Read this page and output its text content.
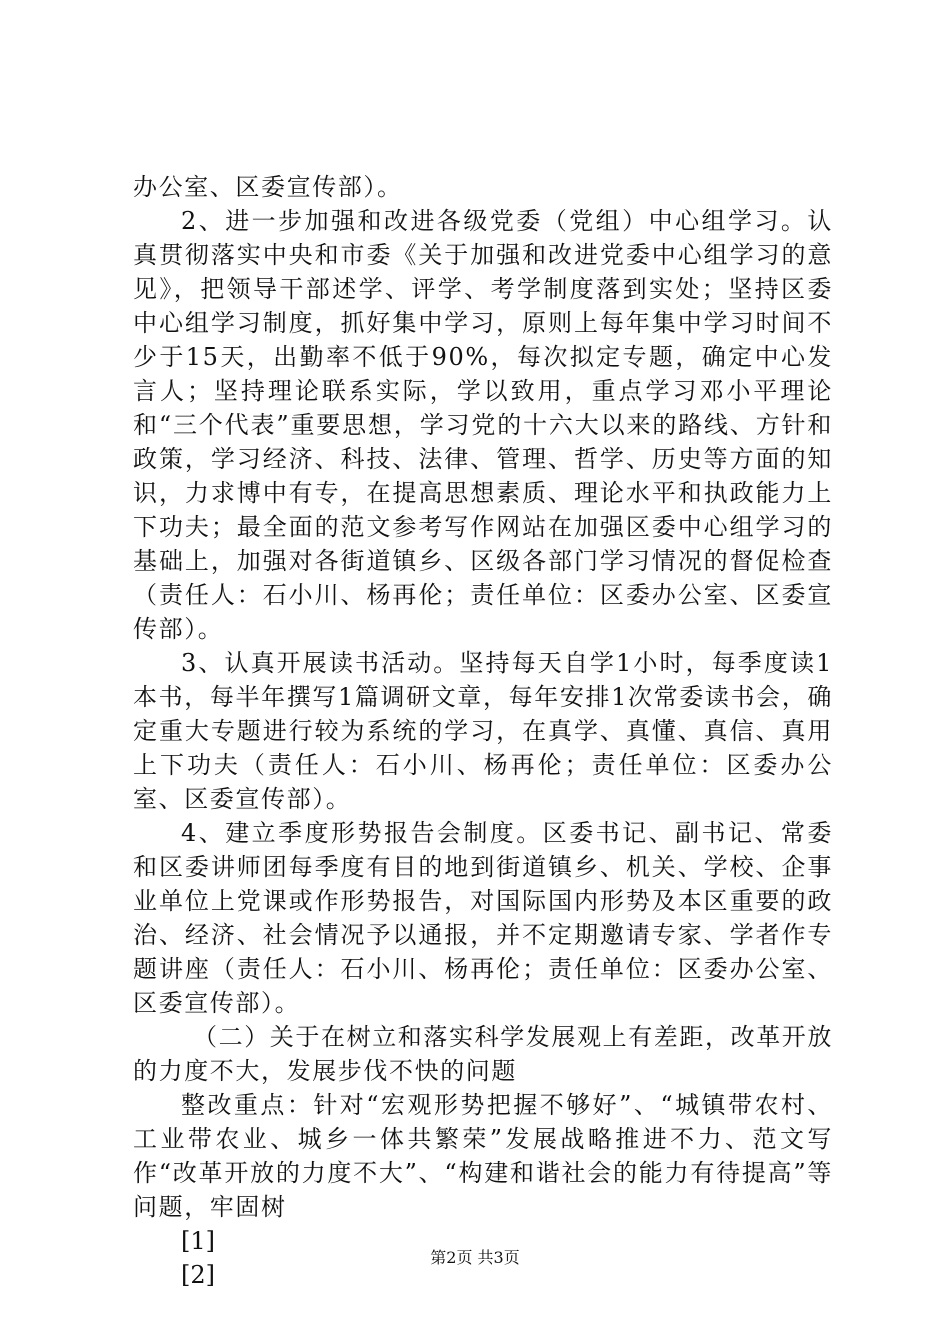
办公室、区委宣传部）。

2、进一步加强和改进各级党委（党组）中心组学习。认真贯彻落实中央和市委《关于加强和改进党委中心组学习的意见》，把领导干部述学、评学、考学制度落到实处；坚持区委中心组学习制度，抓好集中学习，原则上每年集中学习时间不少于15天，出勤率不低于90%，每次拟定专题，确定中心发言人；坚持理论联系实际，学以致用，重点学习邓小平理论和“三个代表”重要思想，学习党的十六大以来的路线、方针和政策，学习经济、科技、法律、管理、哲学、历史等方面的知识，力求博中有专，在提高思想素质、理论水平和执政能力上下功夫；最全面的范文参考写作网站在加强区委中心组学习的基础上，加强对各街道镇乡、区级各部门学习情况的督促检查（责任人：石小川、杨再伦；责任单位：区委办公室、区委宣传部）。

3、认真开展读书活动。坚持每天自学1小时，每季度读1本书，每半年撰写1篇调研文章，每年安排1次常委读书会，确定重大专题进行较为系统的学习，在真学、真懂、真信、真用上下功夫（责任人：石小川、杨再伦；责任单位：区委办公室、区委宣传部）。

4、建立季度形势报告会制度。区委书记、副书记、常委和区委讲师团每季度有目的地到街道镇乡、机关、学校、企事业单位上党课或作形势报告，对国际国内形势及本区重要的政治、经济、社会情况予以通报，并不定期邀请专家、学者作专题讲座（责任人：石小川、杨再伦；责任单位：区委办公室、区委宣传部）。

（二）关于在树立和落实科学发展观上有差距，改革开放的力度不大，发展步伐不快的问题

整改重点：针对“宏观形势把握不够好”、“城镇带农村、工业带农业、城乡一体共繁荣”发展战略推进不力、范文写作“改革开放的力度不大”、“构建和谐社会的能力有待提高”等问题，牢固树

[1]

[2]

第2页 共3页
